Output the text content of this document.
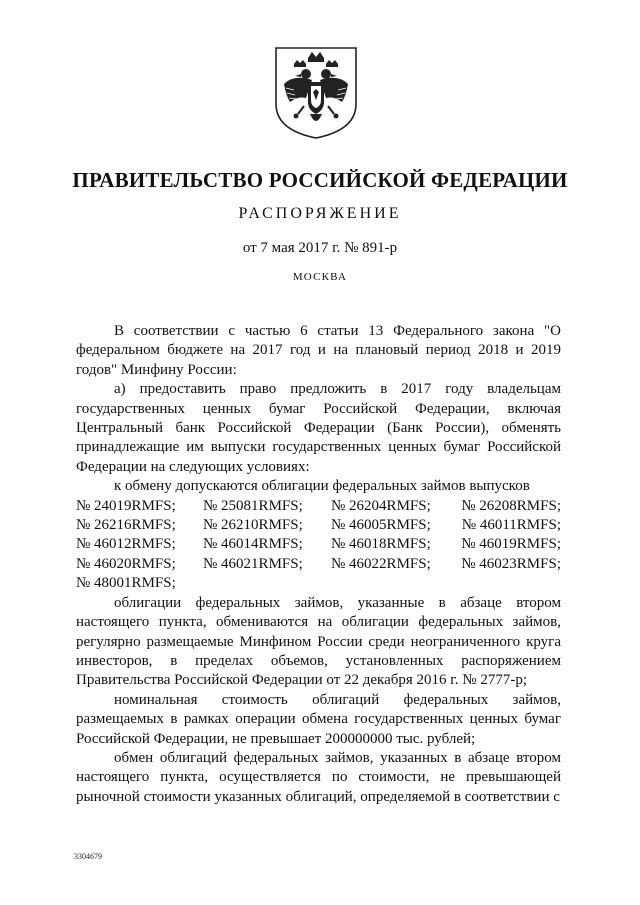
ПРАВИТЕЛЬСТВО РОССИЙСКОЙ ФЕДЕРАЦИИ
РАСПОРЯЖЕНИЕ
от 7 мая 2017 г. № 891-р
МОСКВА

В соответствии с частью 6 статьи 13 Федерального закона "О федеральном бюджете на 2017 год и на плановый период 2018 и 2019 годов" Минфину России:

а) предоставить право предложить в 2017 году владельцам государственных ценных бумаг Российской Федерации, включая Центральный банк Российской Федерации (Банк России), обменять принадлежащие им выпуски государственных ценных бумаг Российской Федерации на следующих условиях:

к обмену допускаются облигации федеральных займов выпусков

№ 24019RMFS;	№ 25081RMFS;	№ 26204RMFS;	№ 26208RMFS;
№ 26216RMFS;	№ 26210RMFS;	№ 46005RMFS;	№ 46011RMFS;
№ 46012RMFS;	№ 46014RMFS;	№ 46018RMFS;	№ 46019RMFS;
№ 46020RMFS;	№ 46021RMFS;	№ 46022RMFS;	№ 46023RMFS;
№ 48001RMFS;

облигации федеральных займов, указанные в абзаце втором настоящего пункта, обмениваются на облигации федеральных займов, регулярно размещаемые Минфином России среди неограниченного круга инвесторов, в пределах объемов, установленных распоряжением Правительства Российской Федерации от 22 декабря 2016 г. № 2777-р;

номинальная стоимость облигаций федеральных займов, размещаемых в рамках операции обмена государственных ценных бумаг Российской Федерации, не превышает 200000000 тыс. рублей;

обмен облигаций федеральных займов, указанных в абзаце втором настоящего пункта, осуществляется по стоимости, не превышающей рыночной стоимости указанных облигаций, определяемой в соответствии с

3304679
